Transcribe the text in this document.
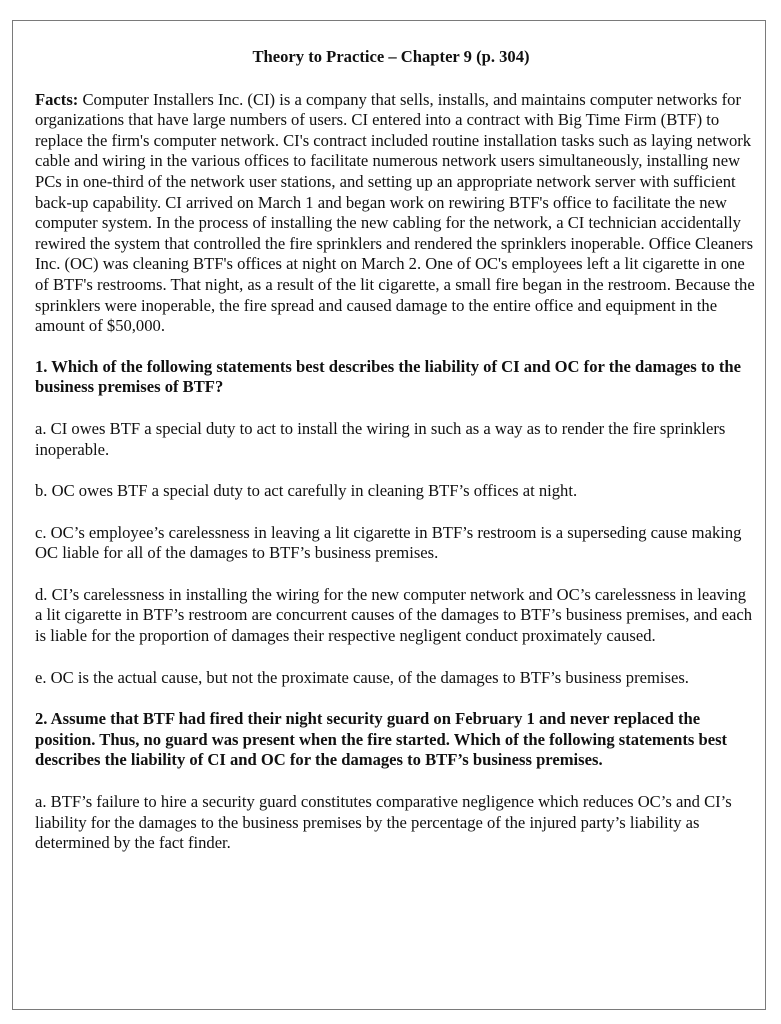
Theory to Practice – Chapter 9 (p. 304)

Facts: Computer Installers Inc. (CI) is a company that sells, installs, and maintains computer networks for organizations that have large numbers of users. CI entered into a contract with Big Time Firm (BTF) to replace the firm's computer network. CI's contract included routine installation tasks such as laying network cable and wiring in the various offices to facilitate numerous network users simultaneously, installing new PCs in one-third of the network user stations, and setting up an appropriate network server with sufficient back-up capability. CI arrived on March 1 and began work on rewiring BTF's office to facilitate the new computer system. In the process of installing the new cabling for the network, a CI technician accidentally rewired the system that controlled the fire sprinklers and rendered the sprinklers inoperable. Office Cleaners Inc. (OC) was cleaning BTF's offices at night on March 2. One of OC's employees left a lit cigarette in one of BTF's restrooms. That night, as a result of the lit cigarette, a small fire began in the restroom. Because the sprinklers were inoperable, the fire spread and caused damage to the entire office and equipment in the amount of $50,000.

1. Which of the following statements best describes the liability of CI and OC for the damages to the business premises of BTF?

a. CI owes BTF a special duty to act to install the wiring in such as a way as to render the fire sprinklers inoperable.

b. OC owes BTF a special duty to act carefully in cleaning BTF’s offices at night.

c. OC’s employee’s carelessness in leaving a lit cigarette in BTF’s restroom is a superseding cause making OC liable for all of the damages to BTF’s business premises.

d. CI’s carelessness in installing the wiring for the new computer network and OC’s carelessness in leaving a lit cigarette in BTF’s restroom are concurrent causes of the damages to BTF’s business premises, and each is liable for the proportion of damages their respective negligent conduct proximately caused.

e. OC is the actual cause, but not the proximate cause, of the damages to BTF’s business premises.

2. Assume that BTF had fired their night security guard on February 1 and never replaced the position. Thus, no guard was present when the fire started. Which of the following statements best describes the liability of CI and OC for the damages to BTF’s business premises.

a. BTF’s failure to hire a security guard constitutes comparative negligence which reduces OC’s and CI’s liability for the damages to the business premises by the percentage of the injured party’s liability as determined by the fact finder.
